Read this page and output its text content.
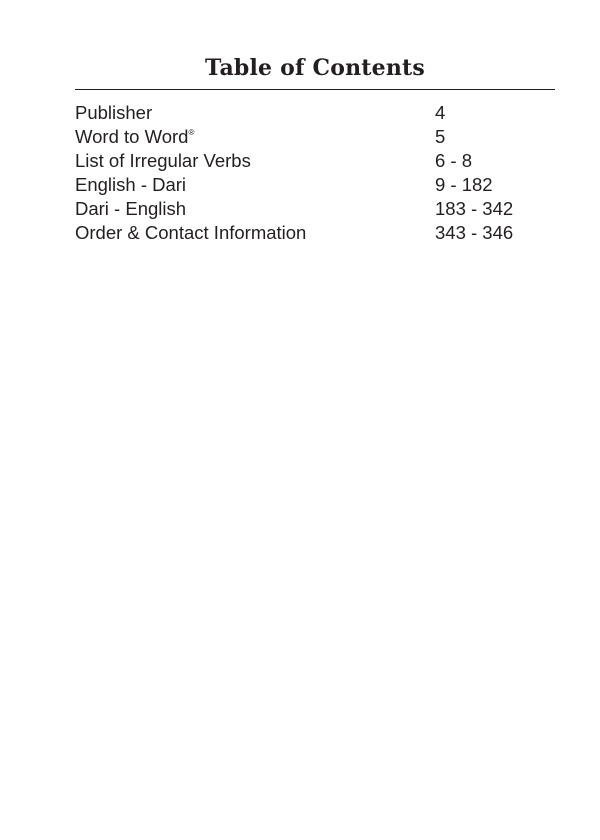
Table of Contents
Publisher	4
Word to Word®	5
List of Irregular Verbs	6 - 8
English - Dari	9 - 182
Dari - English	183 - 342
Order & Contact Information	343 - 346
